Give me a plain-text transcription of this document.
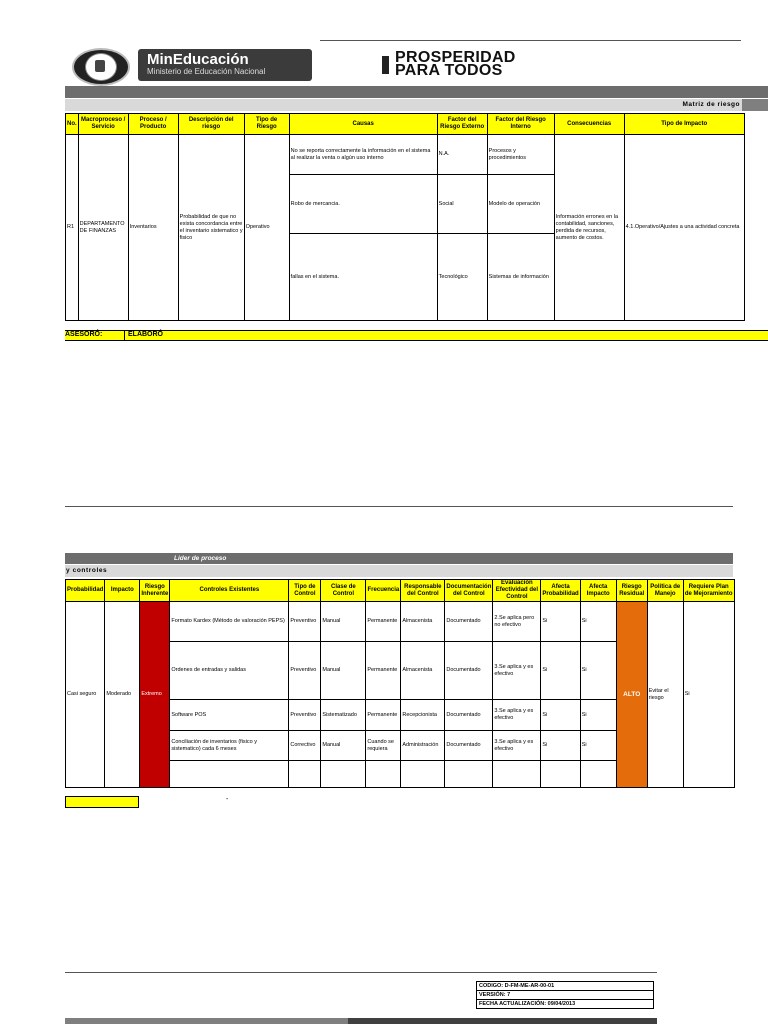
MinEducación
Ministerio de Educación Nacional
PROSPERIDAD
PARA TODOS
Matriz de riesgo
No.	Macroproceso / Servicio	Proceso / Producto	Descripción del riesgo	Tipo de Riesgo	Causas	Factor del Riesgo Externo	Factor del Riesgo Interno	Consecuencias	Tipo de Impacto
R1	DEPARTAMENTO DE FINANZAS	Inventarios	Probabilidad de que no exista concordancia entre el inventario sistematico y fisico	Operativo	No se reporta correctamente la información en el sistema al realizar la venta o algún uso interno	N.A.	Procesos y procedimientos	Información errones en la contabilidad, sanciones, perdida de recursos, aumento de costos.	4.1.Operativo/Ajustes a una actividad concreta
					Robo de mercancia.	Social	Modelo de operación		
					fallas en el sistema.	Tecnológico	Sistemas de información		
ASESORÓ:	ELABORÓ
Lider de proceso
y controles
Probabilidad	Impacto	Riesgo Inherente	Controles Existentes	Tipo de Control	Clase de Control	Frecuencia	Responsable del Control	Documentación del Control	Evaluación Efectividad del Control	Afecta Probabilidad	Afecta Impacto	Riesgo Residual	Política de Manejo	Requiere Plan de Mejoramiento
Casi seguro	Moderado	Extremo	Formato Kardex (Método de valoración PEPS)	Preventivo	Manual	Permanente	Almacenista	Documentado	2.Se aplica pero no efectivo	Si	Si	ALTO	Evitar el riesgo	Si
			Ordenes de entradas y salidas	Preventivo	Manual	Permanente	Almacenista	Documentado	3.Se aplica y es efectivo	Si	Si			
			Software POS	Preventivo	Sistematizado	Permanente	Recepcionista	Documentado	3.Se aplica y es efectivo	Si	Si			
			Conciliación de inventarios (fisico y sistematico) cada 6 meses	Correctivo	Manual	Cuando se requiera	Administración	Documentado	3.Se aplica y es efectivo	Si	Si			

-
CODIGO: D-FM-ME-AR-00-01
VERSIÓN: 7
FECHA ACTUALIZACIÓN: 09/04/2013
